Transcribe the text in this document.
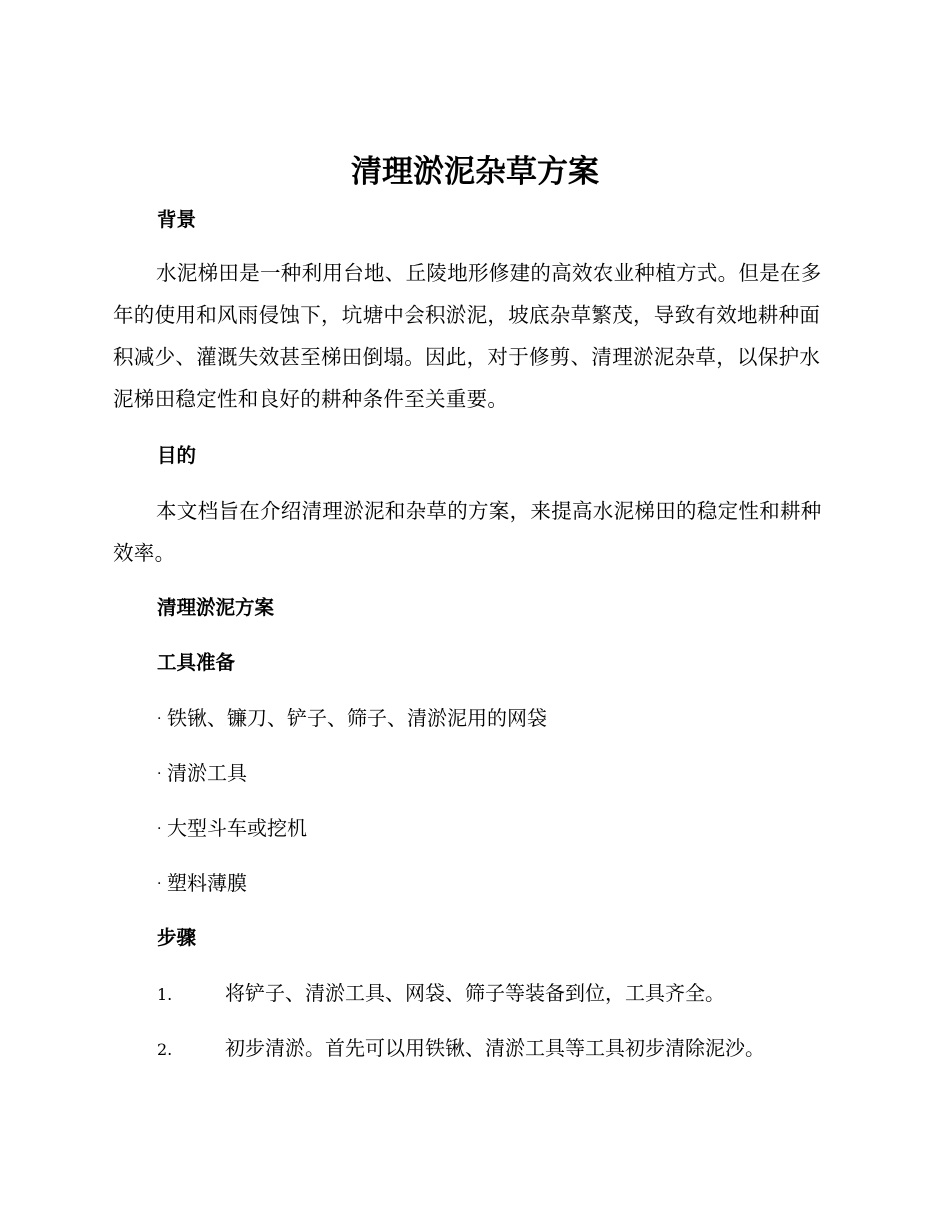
清理淤泥杂草方案
背景

水泥梯田是一种利用台地、丘陵地形修建的高效农业种植方式。但是在多年的使用和风雨侵蚀下，坑塘中会积淤泥，坡底杂草繁茂，导致有效地耕种面积减少、灌溉失效甚至梯田倒塌。因此，对于修剪、清理淤泥杂草，以保护水泥梯田稳定性和良好的耕种条件至关重要。

目的

本文档旨在介绍清理淤泥和杂草的方案，来提高水泥梯田的稳定性和耕种效率。

清理淤泥方案
工具准备

· 铁锹、镰刀、铲子、筛子、清淤泥用的网袋

· 清淤工具

· 大型斗车或挖机

· 塑料薄膜

步骤

1.	将铲子、清淤工具、网袋、筛子等装备到位，工具齐全。

2.	初步清淤。首先可以用铁锹、清淤工具等工具初步清除泥沙。
